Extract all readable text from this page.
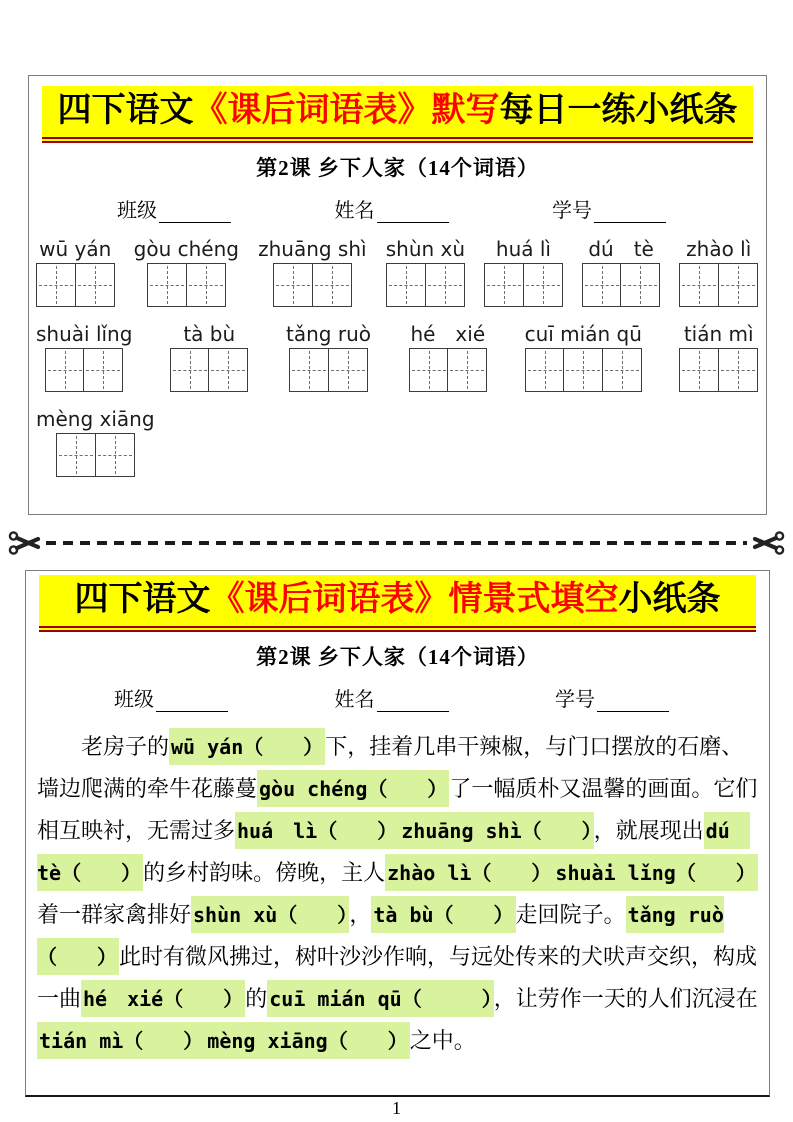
四下语文《课后词语表》默写每日一练小纸条
第2课 乡下人家（14个词语）
班级	姓名	学号
wū yán gòu chéng zhuāng shì shùn xù huá lì dú　tè zhào lì
shuài lǐng	tà bù	tǎng ruò hé　xié cuī mián qū tián mì
mèng xiāng
四下语文《课后词语表》情景式填空小纸条
第2课 乡下人家（14个词语）
班级	姓名	学号

老房子的 wū yán（　　）下，挂着几串干辣椒，与门口摆放的石磨、墙边爬满的牵牛花藤蔓 gòu chéng（　　）了一幅质朴又温馨的画面。它们相互映衬，无需过多 huá　lì（　　） zhuāng shì（　　），就展现出 dú　tè（　　）的乡村韵味。傍晚，主人 zhào lì（　　） shuài lǐng（　　）着一群家禽排好 shùn xù（　　）， tà bù（　　）走回院子。 tǎng ruò（　　）此时有微风拂过，树叶沙沙作响，与远处传来的犬吠声交织，构成一曲 hé　xié（　　）的 cuī mián qū（　　　），让劳作一天的人们沉浸在tián mì（　　） mèng xiāng（　　）之中。

1
